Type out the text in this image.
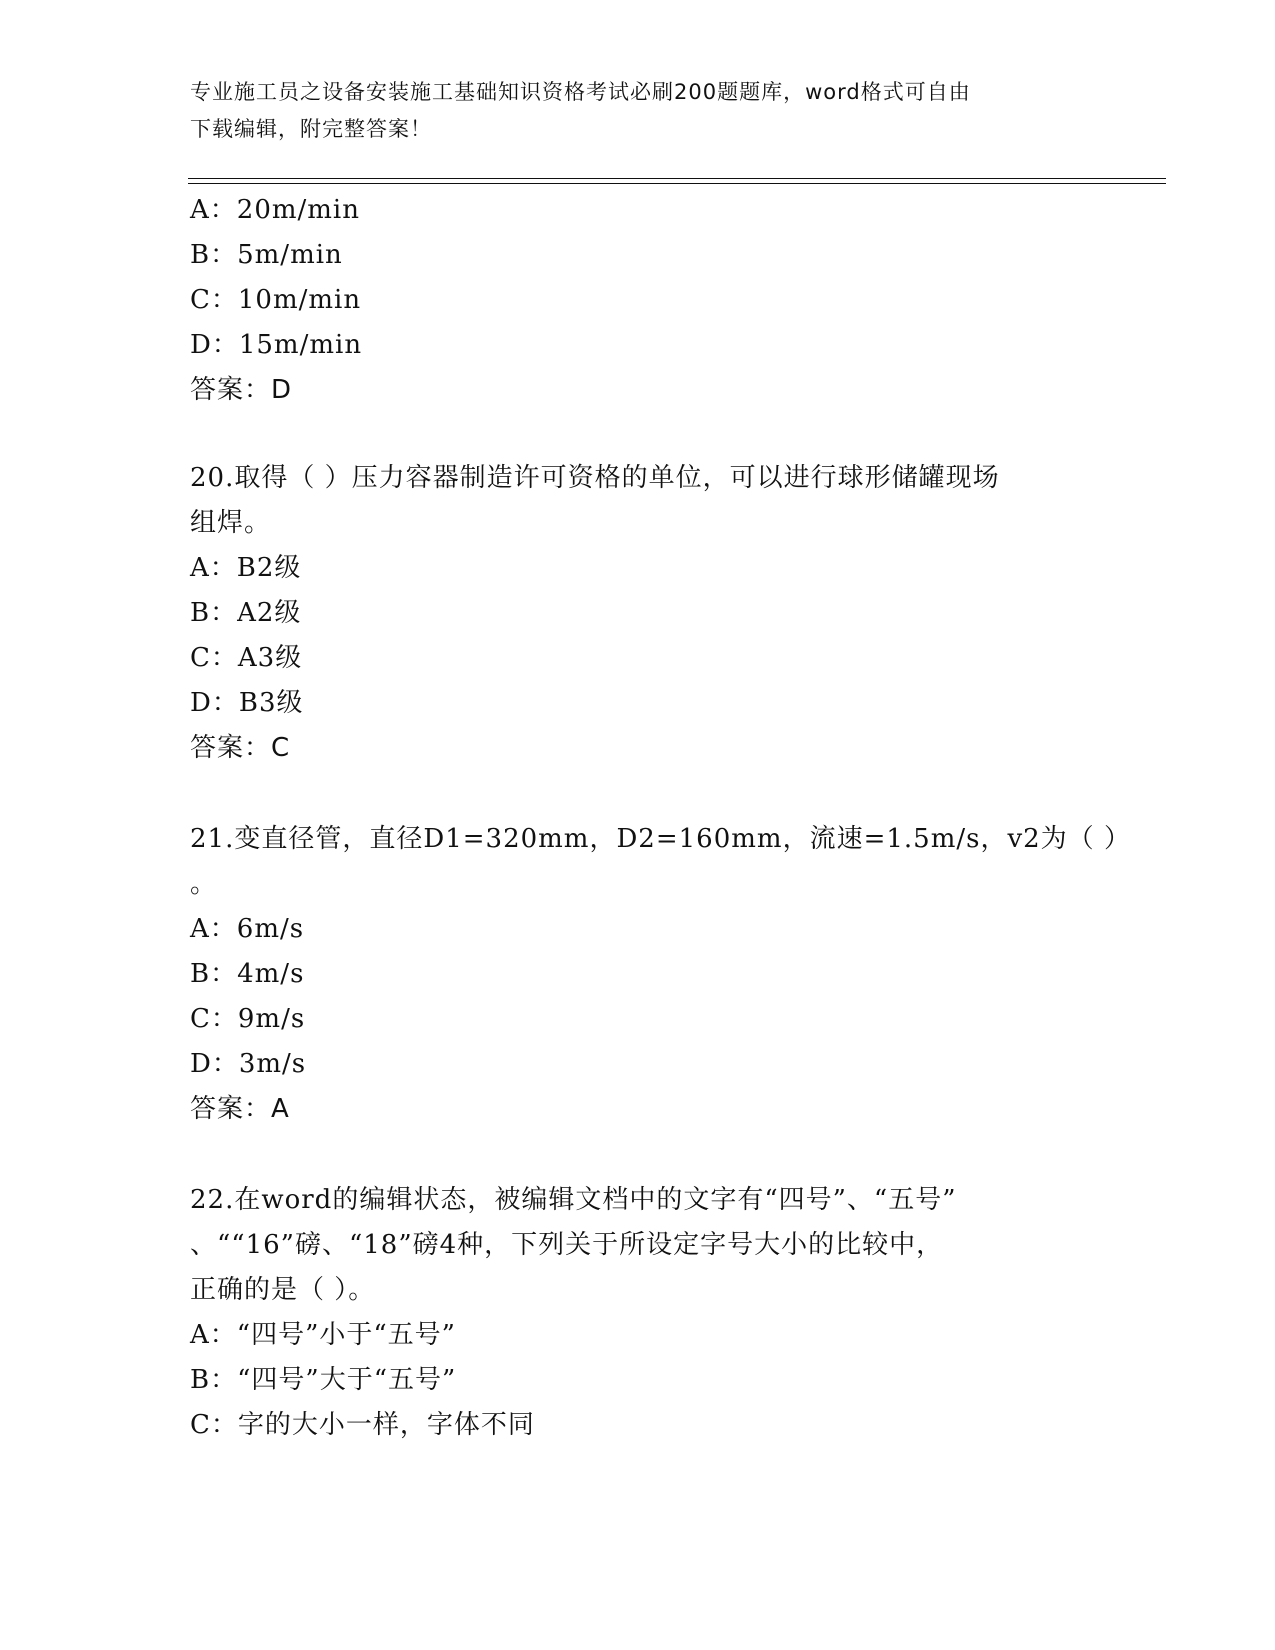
专业施工员之设备安装施工基础知识资格考试必刷200题题库，word格式可自由
下载编辑，附完整答案！
A：20m/min
B：5m/min
C：10m/min
D：15m/min
答案：D
20.取得（ ）压力容器制造许可资格的单位，可以进行球形储罐现场
组焊。
A：B2级
B：A2级
C：A3级
D：B3级
答案：C
21.变直径管，直径D1=320mm，D2=160mm，流速=1.5m/s，v2为（ ）
。
A：6m/s
B：4m/s
C：9m/s
D：3m/s
答案：A
22.在word的编辑状态，被编辑文档中的文字有“四号”、“五号”
、““16”磅、“18”磅4种，下列关于所设定字号大小的比较中，
正确的是（ ）。
A：“四号”小于“五号”
B：“四号”大于“五号”
C：字的大小一样，字体不同
